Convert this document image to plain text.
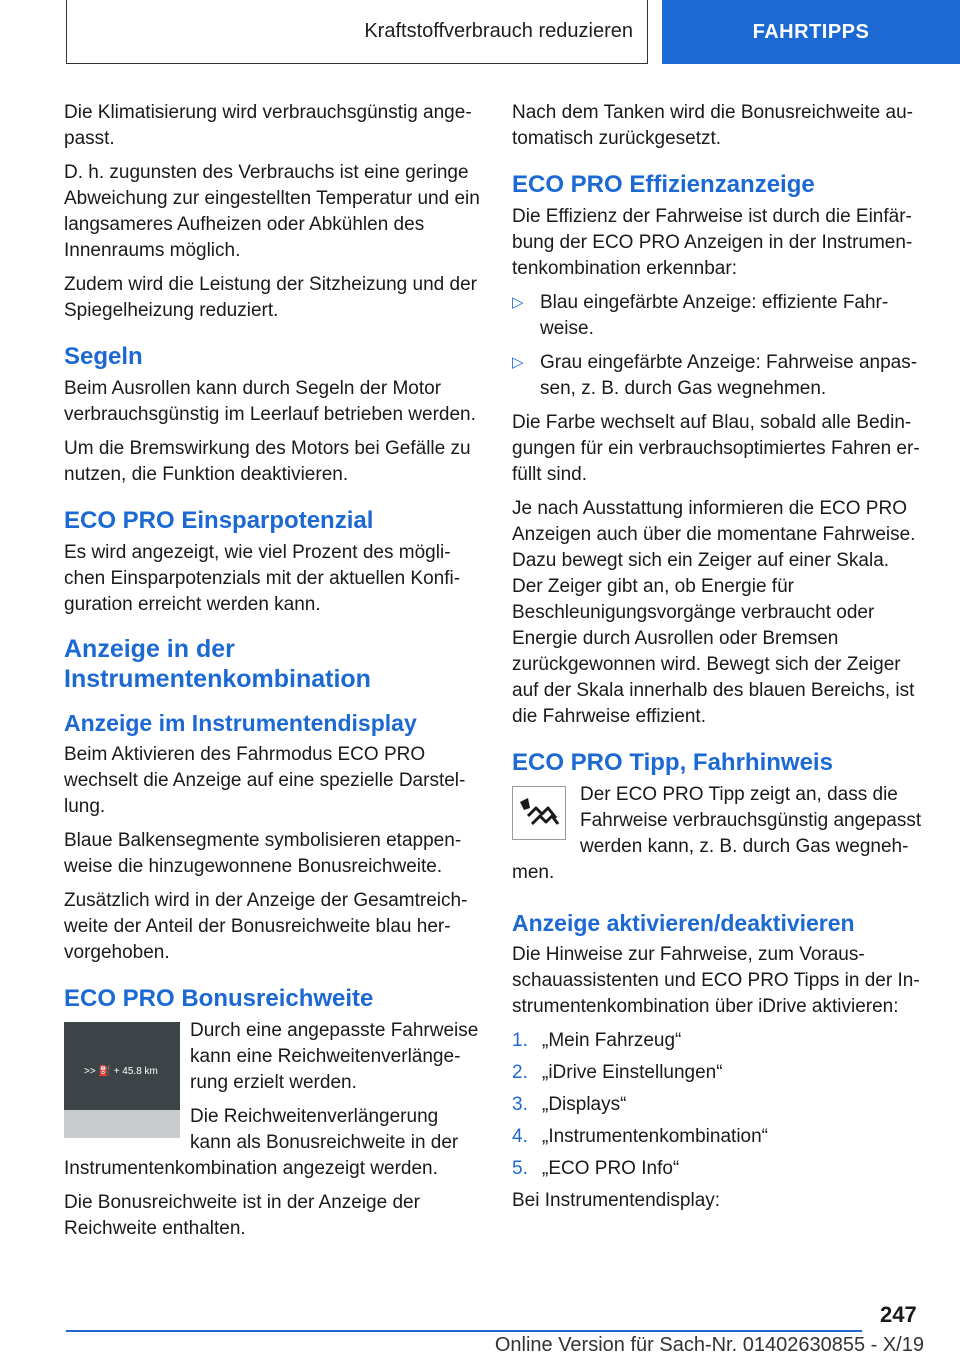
Kraftstoffverbrauch reduzieren	FAHRTIPPS

Die Klimatisierung wird verbrauchsgünstig angepasst.

D. h. zugunsten des Verbrauchs ist eine geringe Abweichung zur eingestellten Temperatur und ein langsameres Aufheizen oder Abkühlen des Innenraums möglich.

Zudem wird die Leistung der Sitzheizung und der Spiegelheizung reduziert.

Segeln

Beim Ausrollen kann durch Segeln der Motor verbrauchsgünstig im Leerlauf betrieben werden.

Um die Bremswirkung des Motors bei Gefälle zu nutzen, die Funktion deaktivieren.

ECO PRO Einsparpotenzial

Es wird angezeigt, wie viel Prozent des möglichen Einsparpotenzials mit der aktuellen Konfiguration erreicht werden kann.

Anzeige in der Instrumentenkombination
Anzeige im Instrumentendisplay

Beim Aktivieren des Fahrmodus ECO PRO wechselt die Anzeige auf eine spezielle Darstellung.

Blaue Balkensegmente symbolisieren etappenweise die hinzugewonnene Bonusreichweite.

Zusätzlich wird in der Anzeige der Gesamtreichweite der Anteil der Bonusreichweite blau hervorgehoben.

ECO PRO Bonusreichweite
>> ⛽ + 45.8 km

Durch eine angepasste Fahrweise kann eine Reichweitenverlängerung erzielt werden.

Die Reichweitenverlängerung kann als Bonusreichweite in der Instrumentenkombination angezeigt werden.

Die Bonusreichweite ist in der Anzeige der Reichweite enthalten.

Nach dem Tanken wird die Bonusreichweite automatisch zurückgesetzt.

ECO PRO Effizienzanzeige

Die Effizienz der Fahrweise ist durch die Einfärbung der ECO PRO Anzeigen in der Instrumentenkombination erkennbar:

▷ Blau eingefärbte Anzeige: effiziente Fahrweise.
▷ Grau eingefärbte Anzeige: Fahrweise anpassen, z. B. durch Gas wegnehmen.

Die Farbe wechselt auf Blau, sobald alle Bedingungen für ein verbrauchsoptimiertes Fahren erfüllt sind.

Je nach Ausstattung informieren die ECO PRO Anzeigen auch über die momentane Fahrweise. Dazu bewegt sich ein Zeiger auf einer Skala. Der Zeiger gibt an, ob Energie für Beschleunigungsvorgänge verbraucht oder Energie durch Ausrollen oder Bremsen zurückgewonnen wird. Bewegt sich der Zeiger auf der Skala innerhalb des blauen Bereichs, ist die Fahrweise effizient.

ECO PRO Tipp, Fahrhinweis

Der ECO PRO Tipp zeigt an, dass die Fahrweise verbrauchsgünstig angepasst werden kann, z. B. durch Gas wegnehmen.

Anzeige aktivieren/deaktivieren

Die Hinweise zur Fahrweise, zum Vorausschauassistenten und ECO PRO Tipps in der Instrumentenkombination über iDrive aktivieren:

1. „Mein Fahrzeug“
2. „iDrive Einstellungen“
3. „Displays“
4. „Instrumentenkombination“
5. „ECO PRO Info“

Bei Instrumentendisplay:

247
Online Version für Sach-Nr. 01402630855 - X/19
